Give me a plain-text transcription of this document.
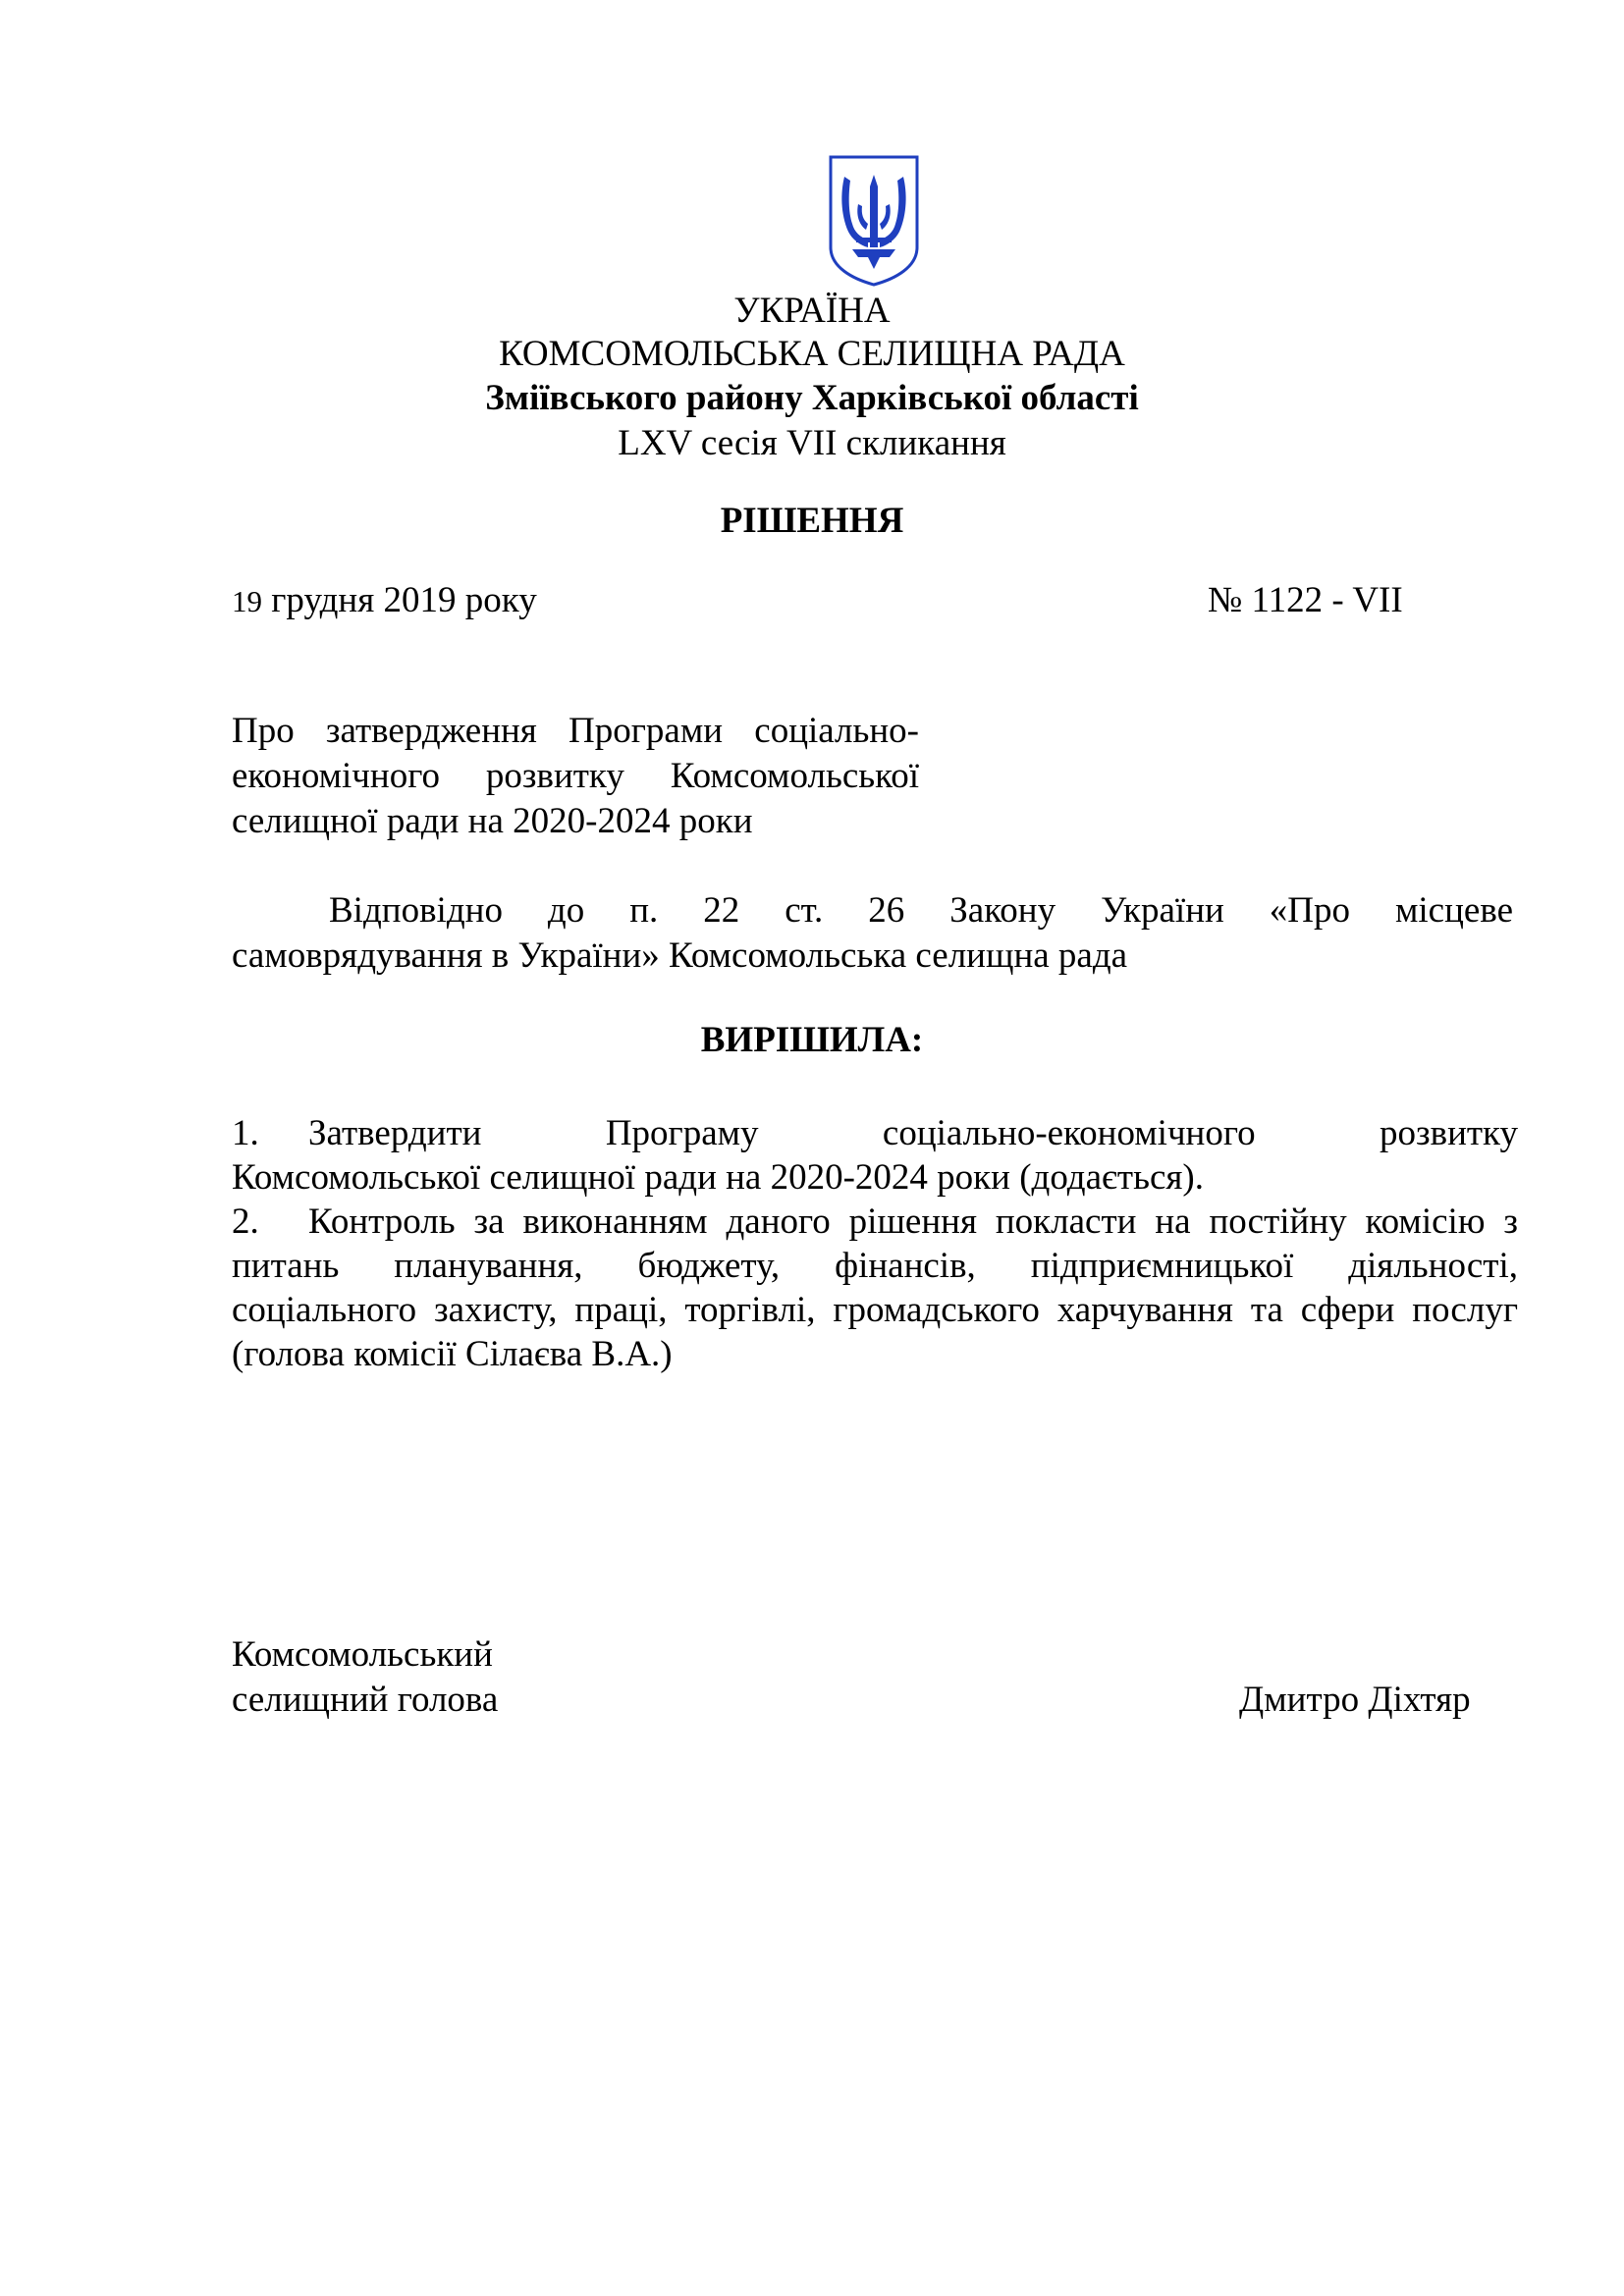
УКРАЇНА
КОМСОМОЛЬСЬКА СЕЛИЩНА РАДА
Зміївського району Харківської області
LXV сесія VII скликання
РІШЕННЯ
19 грудня 2019 року	№ 1122 - VII
Про затвердження Програми соціально-
економічного розвитку Комсомольської
селищної ради на 2020-2024 роки
Відповідно до п. 22 ст. 26 Закону України «Про місцеве
самоврядування в України» Комсомольська селищна рада
ВИРІШИЛА:
1.	Затвердити Програму соціально-економічного розвитку
Комсомольської селищної ради на 2020-2024 роки (додається).
2.	Контроль за виконанням даного рішення покласти на постійну комісію з
питань планування, бюджету, фінансів, підприємницької діяльності,
соціального захисту, праці, торгівлі, громадського харчування та сфери послуг
(голова комісії Сілаєва В.А.)
Комсомольський
селищний голова	Дмитро Діхтяр
